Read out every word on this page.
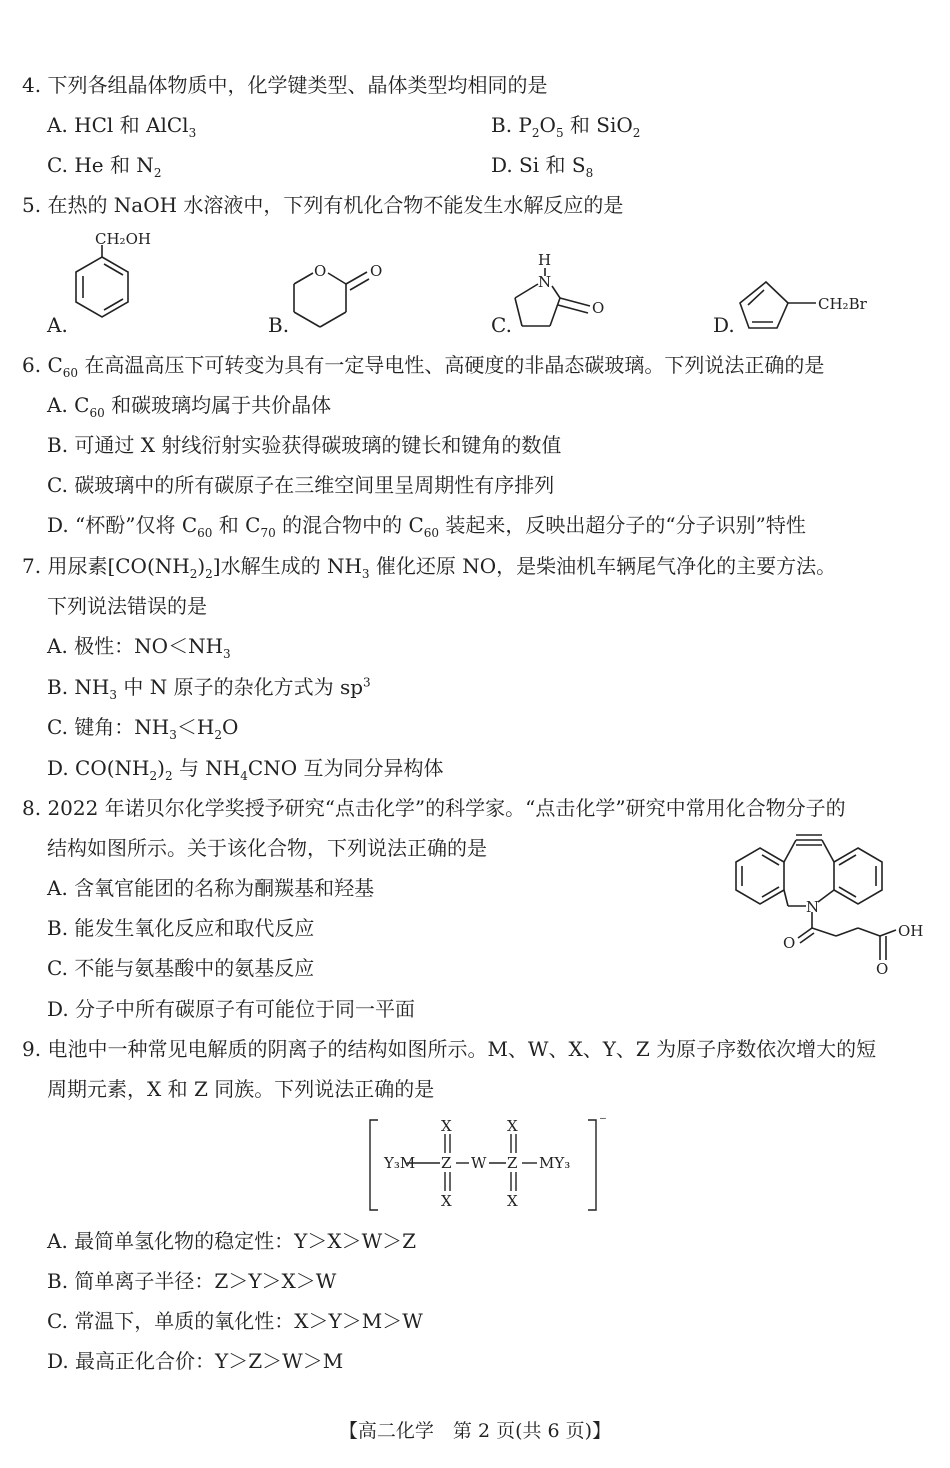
4. 下列各组晶体物质中，化学键类型、晶体类型均相同的是
A. HCl 和 AlCl$_3$	B. $P_2O_5$ 和 SiO$_2$
C. He 和 $N_2$	D. Si 和 $S_8$
5. 在热的 NaOH 水溶液中，下列有机化合物不能发生水解反应的是
A.	B.	C.	D.
CH₂OH
O	O
H
N
O	CH₂Br
6. $C_{60}$ 在高温高压下可转变为具有一定导电性、高硬度的非晶态碳玻璃。下列说法正确的是
A. $C_{60}$ 和碳玻璃均属于共价晶体
B. 可通过 X 射线衍射实验获得碳玻璃的键长和键角的数值
C. 碳玻璃中的所有碳原子在三维空间里呈周期性有序排列
D. “杯酚”仅将 $C_{60}$ 和 $C_{70}$ 的混合物中的 $C_{60}$ 装起来，反映出超分子的“分子识别”特性
7. 用尿素$[CO(NH_2)_2]$水解生成的 $NH_3$ 催化还原 NO，是柴油机车辆尾气净化的主要方法。
下列说法错误的是
A. 极性：$NO<NH_3$
B. $NH_3$ 中 N 原子的杂化方式为 $sp^3$
C. 键角：$NH_3<H_2O$
D. $CO(NH_2)_2$ 与 $NH_4CNO$ 互为同分异构体
8. 2022 年诺贝尔化学奖授予研究“点击化学”的科学家。“点击化学”研究中常用化合物分子的
结构如图所示。关于该化合物，下列说法正确的是
A. 含氧官能团的名称为酮羰基和羟基
B. 能发生氧化反应和取代反应
C. 不能与氨基酸中的氨基反应
D. 分子中所有碳原子有可能位于同一平面
N
O
OH
O
9. 电池中一种常见电解质的阴离子的结构如图所示。M、W、X、Y、Z 为原子序数依次增大的短
周期元素，X 和 Z 同族。下列说法正确的是
X	X
Y₃M Z W Z MY₃
X	X
⁻
A. 最简单氢化物的稳定性：Y＞X＞W＞Z
B. 简单离子半径：Z＞Y＞X＞W
C. 常温下，单质的氧化性：X＞Y＞M＞W
D. 最高正化合价：Y＞Z＞W＞M
【高二化学　第 2 页(共 6 页)】
